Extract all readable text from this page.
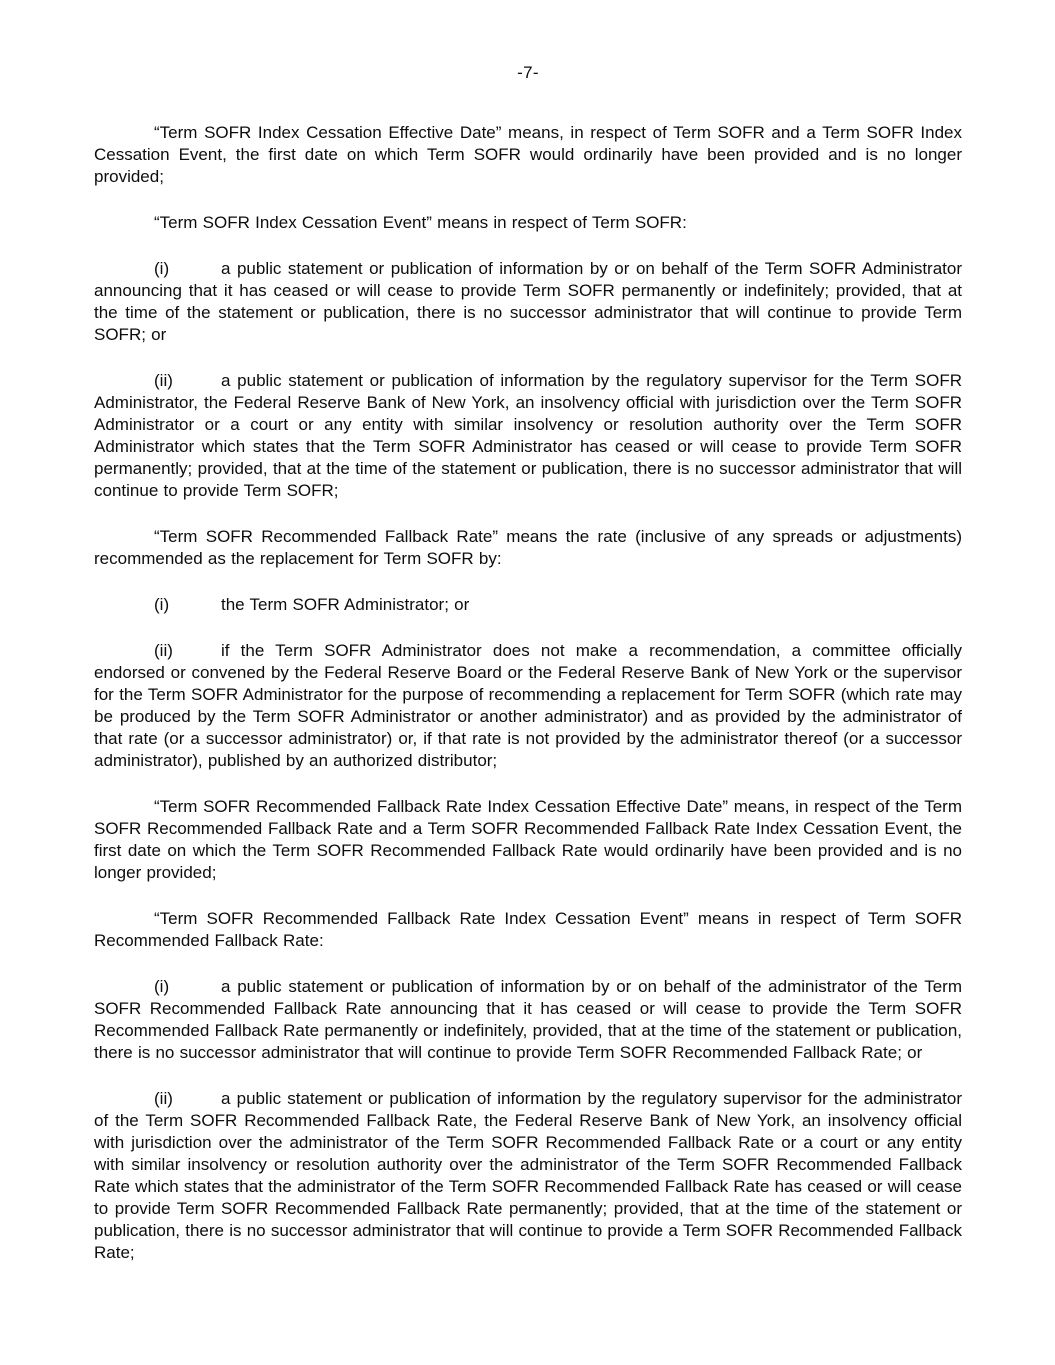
-7-

“Term SOFR Index Cessation Effective Date” means, in respect of Term SOFR and a Term SOFR Index Cessation Event, the first date on which Term SOFR would ordinarily have been provided and is no longer provided;

“Term SOFR Index Cessation Event” means in respect of Term SOFR:

(i)	a public statement or publication of information by or on behalf of the Term SOFR Administrator announcing that it has ceased or will cease to provide Term SOFR permanently or indefinitely; provided, that at the time of the statement or publication, there is no successor administrator that will continue to provide Term SOFR; or

(ii)	a public statement or publication of information by the regulatory supervisor for the Term SOFR Administrator, the Federal Reserve Bank of New York, an insolvency official with jurisdiction over the Term SOFR Administrator or a court or any entity with similar insolvency or resolution authority over the Term SOFR Administrator which states that the Term SOFR Administrator has ceased or will cease to provide Term SOFR permanently; provided, that at the time of the statement or publication, there is no successor administrator that will continue to provide Term SOFR;

“Term SOFR Recommended Fallback Rate” means the rate (inclusive of any spreads or adjustments) recommended as the replacement for Term SOFR by:

(i)	the Term SOFR Administrator; or

(ii)	if the Term SOFR Administrator does not make a recommendation, a committee officially endorsed or convened by the Federal Reserve Board or the Federal Reserve Bank of New York or the supervisor for the Term SOFR Administrator for the purpose of recommending a replacement for Term SOFR (which rate may be produced by the Term SOFR Administrator or another administrator) and as provided by the administrator of that rate (or a successor administrator) or, if that rate is not provided by the administrator thereof (or a successor administrator), published by an authorized distributor;

“Term SOFR Recommended Fallback Rate Index Cessation Effective Date” means, in respect of the Term SOFR Recommended Fallback Rate and a Term SOFR Recommended Fallback Rate Index Cessation Event, the first date on which the Term SOFR Recommended Fallback Rate would ordinarily have been provided and is no longer provided;

“Term SOFR Recommended Fallback Rate Index Cessation Event” means in respect of Term SOFR Recommended Fallback Rate:

(i)	a public statement or publication of information by or on behalf of the administrator of the Term SOFR Recommended Fallback Rate announcing that it has ceased or will cease to provide the Term SOFR Recommended Fallback Rate permanently or indefinitely, provided, that at the time of the statement or publication, there is no successor administrator that will continue to provide Term SOFR Recommended Fallback Rate; or

(ii)	a public statement or publication of information by the regulatory supervisor for the administrator of the Term SOFR Recommended Fallback Rate, the Federal Reserve Bank of New York, an insolvency official with jurisdiction over the administrator of the Term SOFR Recommended Fallback Rate or a court or any entity with similar insolvency or resolution authority over the administrator of the Term SOFR Recommended Fallback Rate which states that the administrator of the Term SOFR Recommended Fallback Rate has ceased or will cease to provide Term SOFR Recommended Fallback Rate permanently; provided, that at the time of the statement or publication, there is no successor administrator that will continue to provide a Term SOFR Recommended Fallback Rate;
